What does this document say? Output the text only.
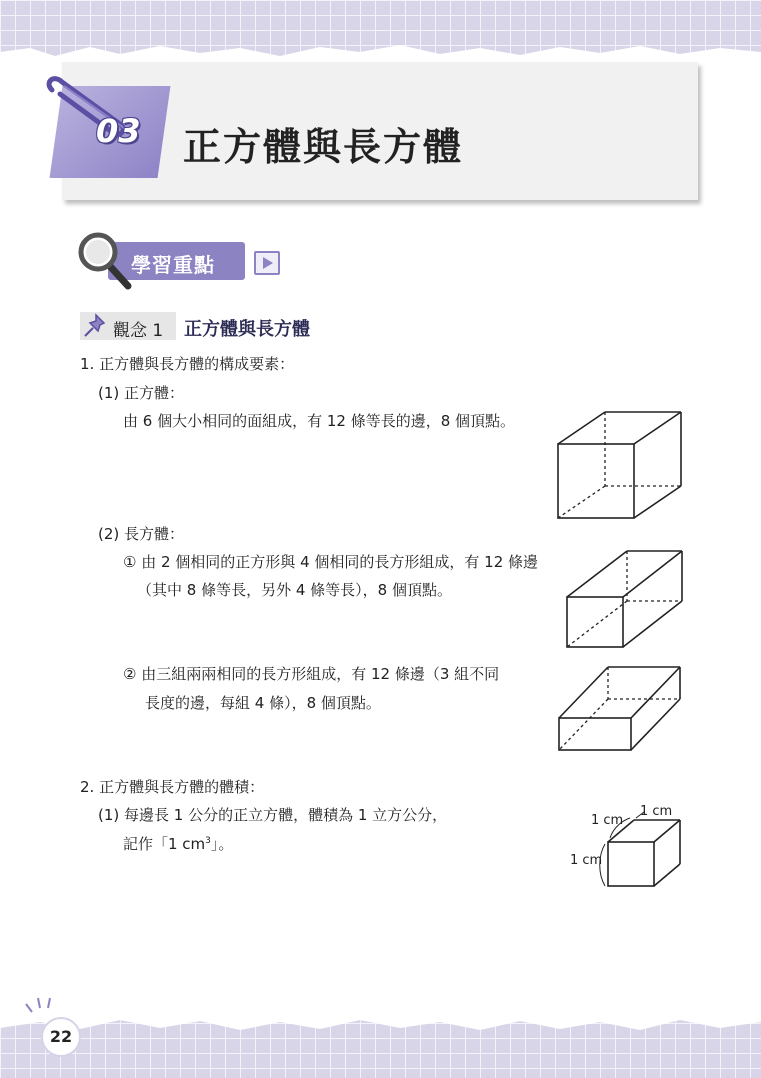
03 正方體與長方體
學習重點
觀念 1 正方體與長方體
1. 正方體與長方體的構成要素：
(1) 正方體：
由 6 個大小相同的面組成，有 12 條等長的邊，8 個頂點。
(2) 長方體：
① 由 2 個相同的正方形與 4 個相同的長方形組成，有 12 條邊
（其中 8 條等長，另外 4 條等長），8 個頂點。
② 由三組兩兩相同的長方形組成，有 12 條邊（3 組不同
長度的邊，每組 4 條），8 個頂點。
2. 正方體與長方體的體積：
(1) 每邊長 1 公分的正立方體，體積為 1 立方公分，
記作「1 $cm^3$」。
1 cm
1 cm
1 cm
22
